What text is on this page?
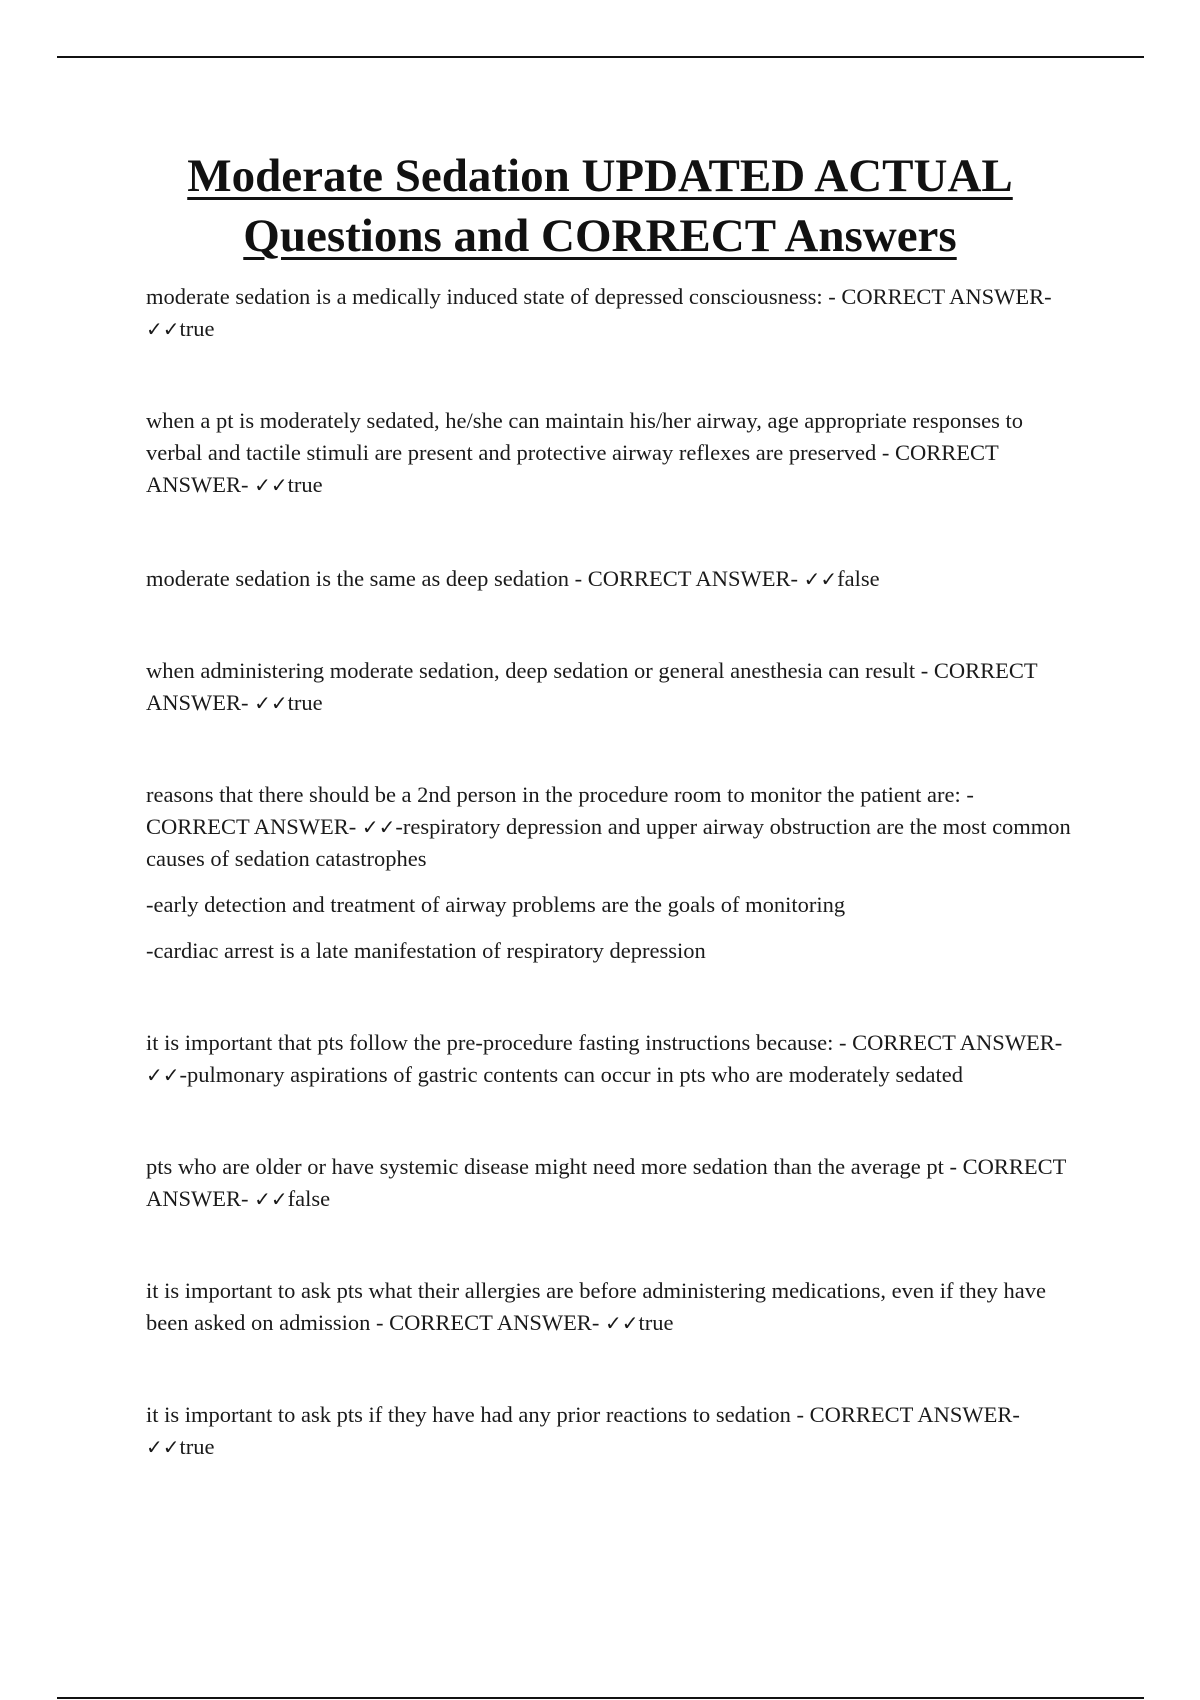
Moderate Sedation UPDATED ACTUAL
Questions and CORRECT Answers

moderate sedation is a medically induced state of depressed consciousness: - CORRECT ANSWER- ✓✓true

when a pt is moderately sedated, he/she can maintain his/her airway, age appropriate responses to verbal and tactile stimuli are present and protective airway reflexes are preserved - CORRECT ANSWER- ✓✓true

moderate sedation is the same as deep sedation - CORRECT ANSWER- ✓✓false

when administering moderate sedation, deep sedation or general anesthesia can result - CORRECT ANSWER- ✓✓true

reasons that there should be a 2nd person in the procedure room to monitor the patient are: - CORRECT ANSWER- ✓✓-respiratory depression and upper airway obstruction are the most common causes of sedation catastrophes

-early detection and treatment of airway problems are the goals of monitoring

-cardiac arrest is a late manifestation of respiratory depression

it is important that pts follow the pre-procedure fasting instructions because: - CORRECT ANSWER- ✓✓-pulmonary aspirations of gastric contents can occur in pts who are moderately sedated

pts who are older or have systemic disease might need more sedation than the average pt - CORRECT ANSWER- ✓✓false

it is important to ask pts what their allergies are before administering medications, even if they have been asked on admission - CORRECT ANSWER- ✓✓true

it is important to ask pts if they have had any prior reactions to sedation - CORRECT ANSWER- ✓✓true
